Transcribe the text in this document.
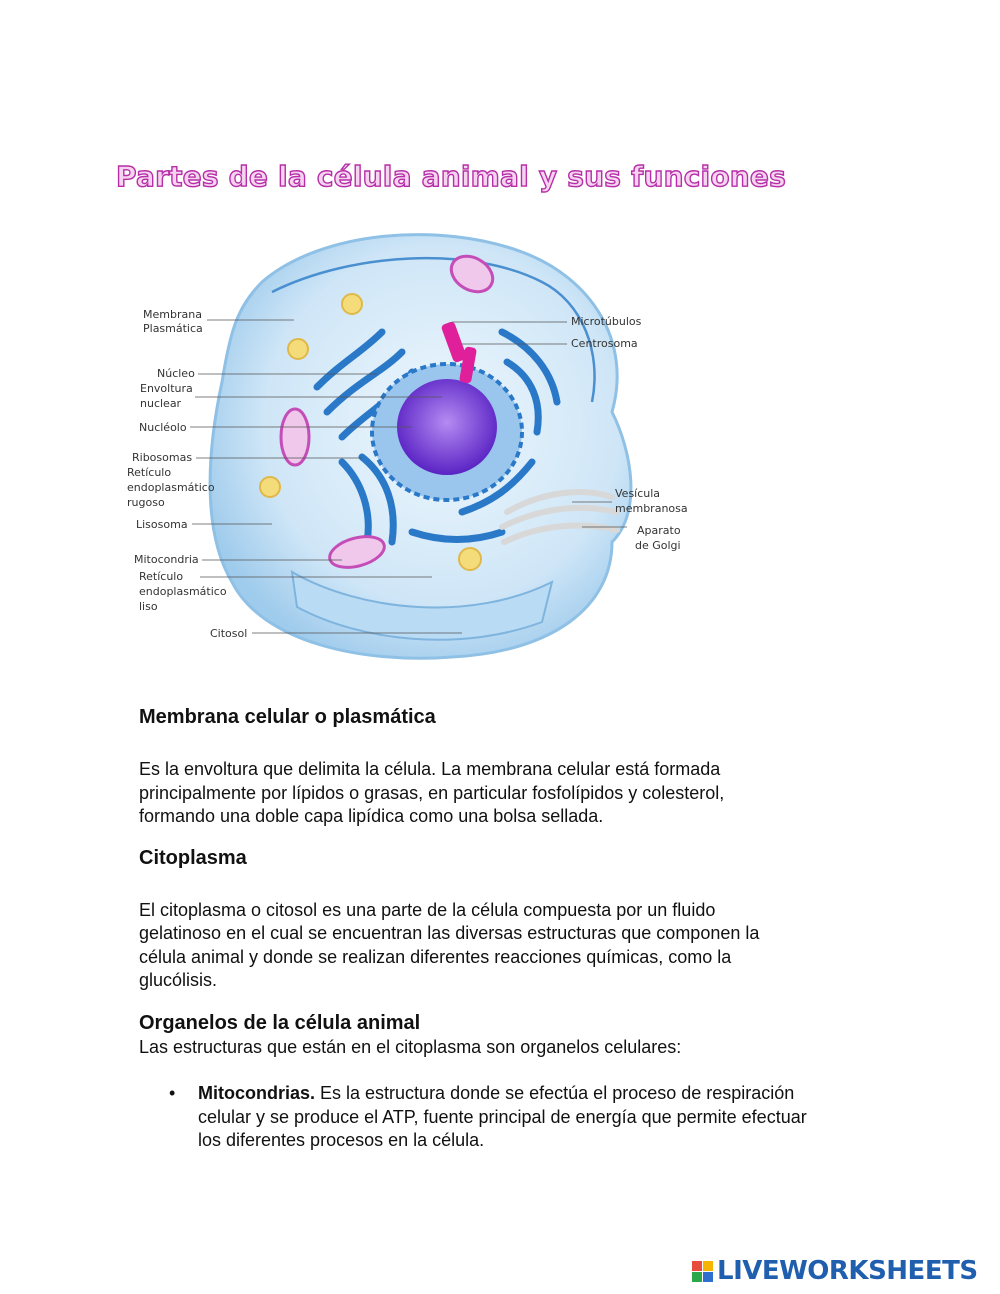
Partes de la célula animal y sus funciones
Membrana Plasmática
Núcleo
Envoltura nuclear
Nucléolo
Ribosomas
Retículo endoplasmático rugoso
Lisosoma
Mitocondria
Retículo endoplasmático liso
Citosol
Microtúbulos
Centrosoma
Vesícula membranosa
Aparato de Golgi
Membrana celular o plasmática

Es la envoltura que delimita la célula. La membrana celular está formada
principalmente por lípidos o grasas, en particular fosfolípidos y colesterol,
formando una doble capa lipídica como una bolsa sellada.

Citoplasma

El citoplasma o citosol es una parte de la célula compuesta por un fluido
gelatinoso en el cual se encuentran las diversas estructuras que componen la
célula animal y donde se realizan diferentes reacciones químicas, como la
glucólisis.

Organelos de la célula animal

Las estructuras que están en el citoplasma son organelos celulares:

• Mitocondrias. Es la estructura donde se efectúa el proceso de respiración
celular y se produce el ATP, fuente principal de energía que permite efectuar
los diferentes procesos en la célula.
LIVEWORKSHEETS
